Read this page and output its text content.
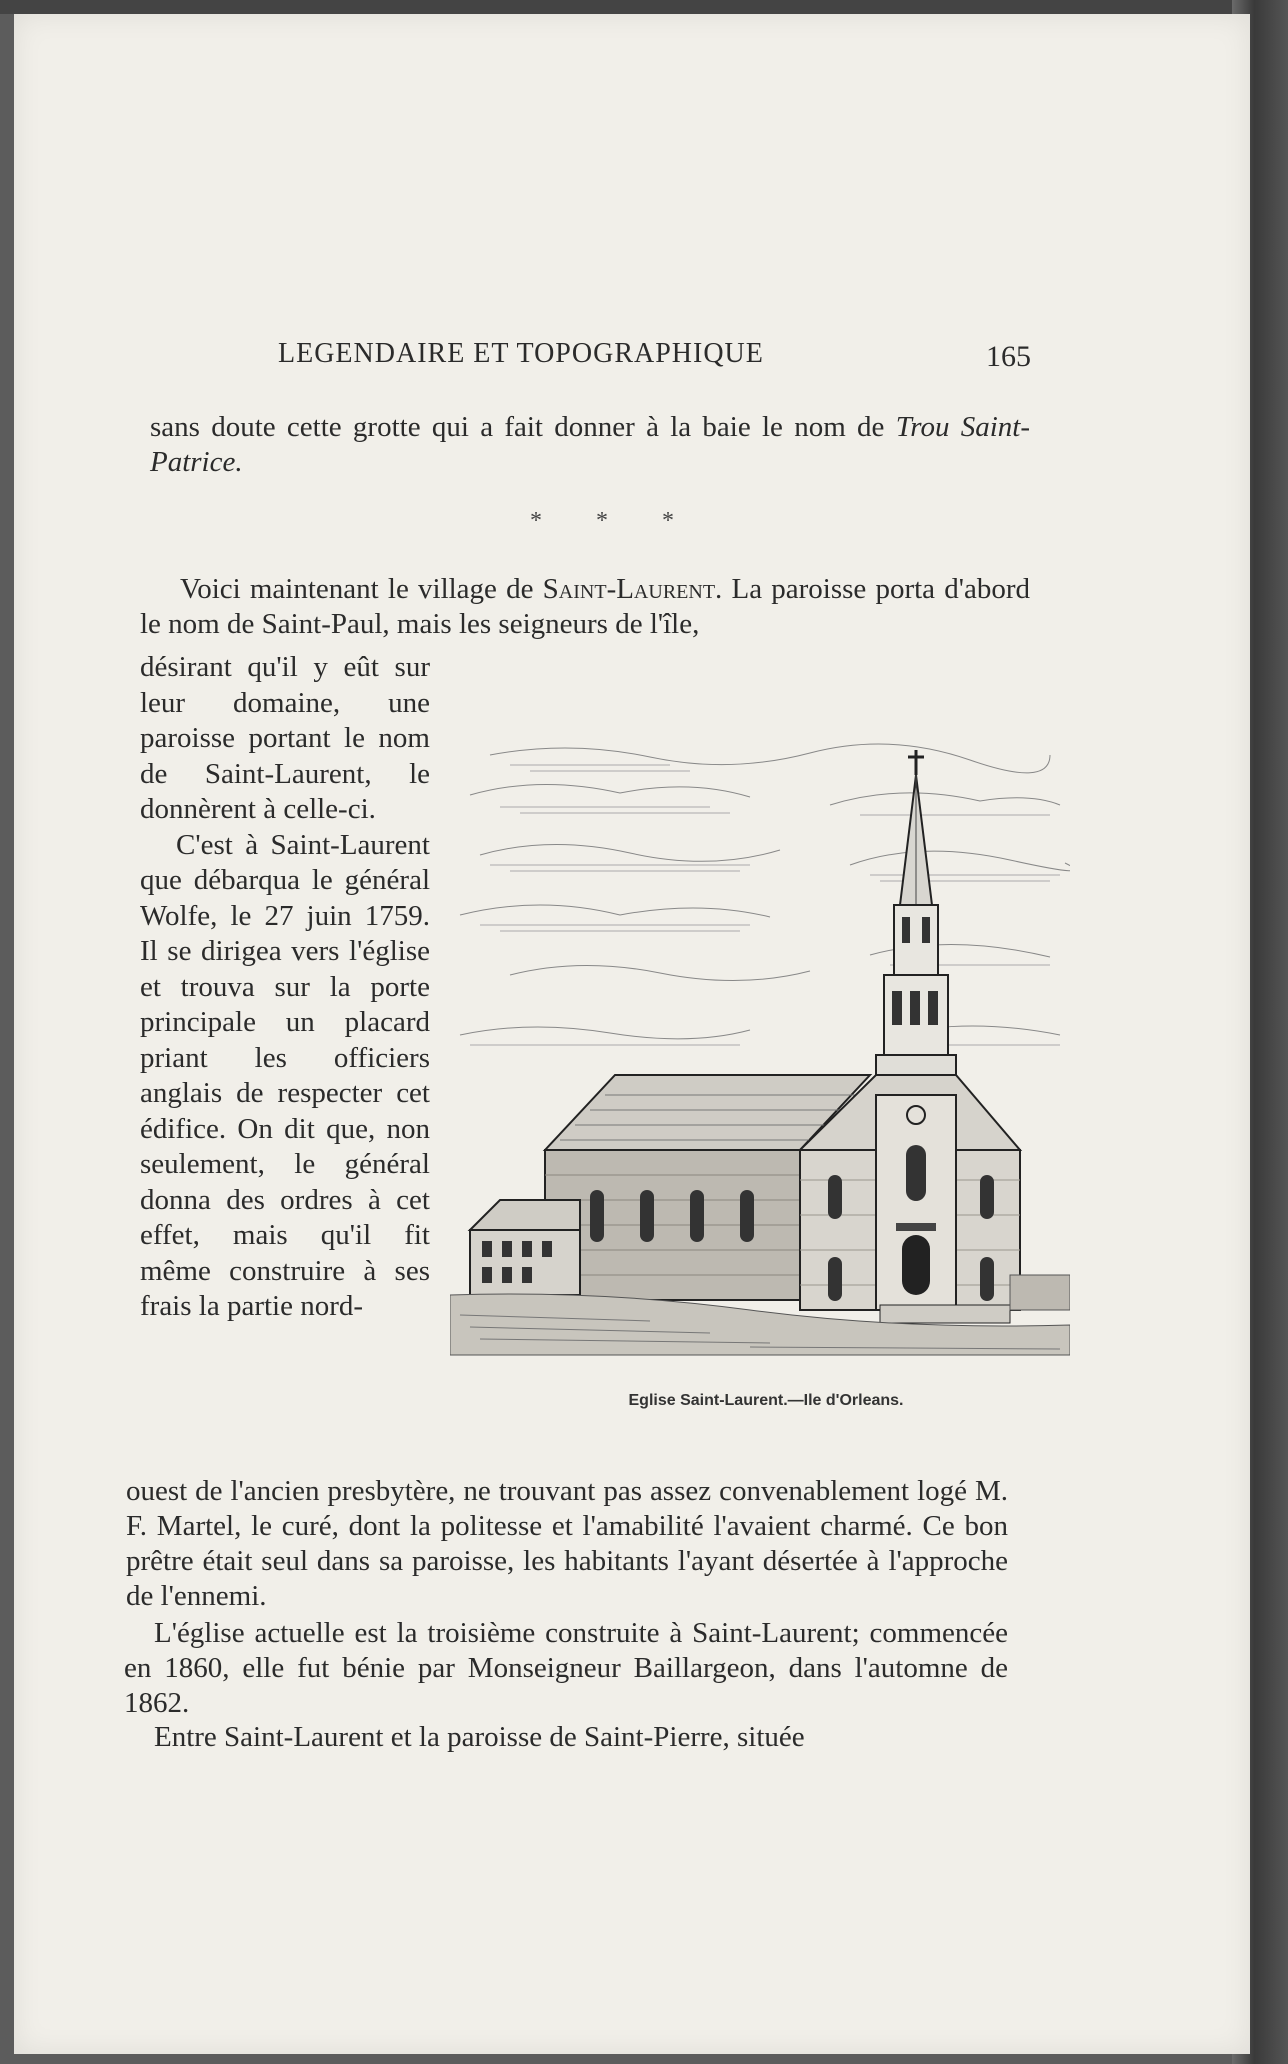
LEGENDAIRE ET TOPOGRAPHIQUE	165
sans doute cette grotte qui a fait donner à la baie le nom de Trou Saint-Patrice.
* * *
Voici maintenant le village de Saint-Laurent. La paroisse porta d'abord le nom de Saint-Paul, mais les seigneurs de l'île,

désirant qu'il y eût sur leur domaine, une paroisse portant le nom de Saint-Laurent, le donnèrent à celle-ci.

C'est à Saint-Laurent que débarqua le général Wolfe, le 27 juin 1759. Il se dirigea vers l'église et trouva sur la porte principale un placard priant les officiers anglais de respecter cet édifice. On dit que, non seulement, le général donna des ordres à cet effet, mais qu'il fit même construire à ses frais la partie nord-

Eglise Saint-Laurent.—Ile d'Orleans.
ouest de l'ancien presbytère, ne trouvant pas assez convenablement logé M. F. Martel, le curé, dont la politesse et l'amabilité l'avaient charmé. Ce bon prêtre était seul dans sa paroisse, les habitants l'ayant désertée à l'approche de l'ennemi.
L'église actuelle est la troisième construite à Saint-Laurent; commencée en 1860, elle fut bénie par Monseigneur Baillargeon, dans l'automne de 1862.
Entre Saint-Laurent et la paroisse de Saint-Pierre, située
